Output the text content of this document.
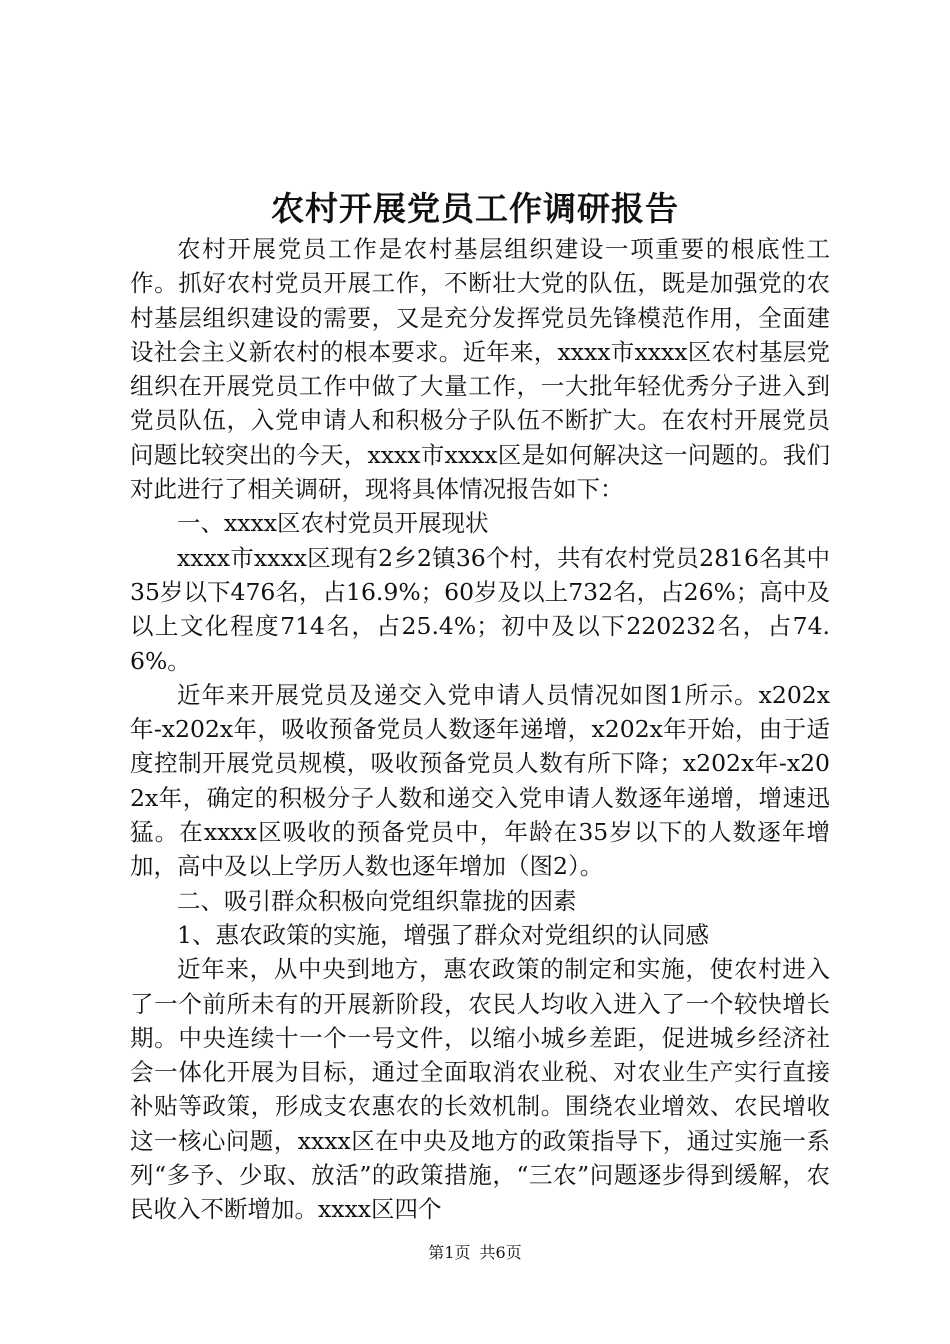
农村开展党员工作调研报告

农村开展党员工作是农村基层组织建设一项重要的根底性工作。抓好农村党员开展工作，不断壮大党的队伍，既是加强党的农村基层组织建设的需要，又是充分发挥党员先锋模范作用，全面建设社会主义新农村的根本要求。近年来，xxxx市xxxx区农村基层党组织在开展党员工作中做了大量工作，一大批年轻优秀分子进入到党员队伍，入党申请人和积极分子队伍不断扩大。在农村开展党员问题比较突出的今天，xxxx市xxxx区是如何解决这一问题的。我们对此进行了相关调研，现将具体情况报告如下：

一、xxxx区农村党员开展现状

xxxx市xxxx区现有2乡2镇36个村，共有农村党员2816名其中35岁以下476名，占16.9%；60岁及以上732名，占26%；高中及以上文化程度714名，占25.4%；初中及以下220232名，占74.6%。

近年来开展党员及递交入党申请人员情况如图1所示。x202x年-x202x年，吸收预备党员人数逐年递增，x202x年开始，由于适度控制开展党员规模，吸收预备党员人数有所下降；x202x年-x202x年，确定的积极分子人数和递交入党申请人数逐年递增，增速迅猛。在xxxx区吸收的预备党员中，年龄在35岁以下的人数逐年增加，高中及以上学历人数也逐年增加（图2）。

二、吸引群众积极向党组织靠拢的因素

1、惠农政策的实施，增强了群众对党组织的认同感

近年来，从中央到地方，惠农政策的制定和实施，使农村进入了一个前所未有的开展新阶段，农民人均收入进入了一个较快增长期。中央连续十一个一号文件，以缩小城乡差距，促进城乡经济社会一体化开展为目标，通过全面取消农业税、对农业生产实行直接补贴等政策，形成支农惠农的长效机制。围绕农业增效、农民增收这一核心问题，xxxx区在中央及地方的政策指导下，通过实施一系列“多予、少取、放活”的政策措施，“三农”问题逐步得到缓解，农民收入不断增加。xxxx区四个

第1页 共6页
